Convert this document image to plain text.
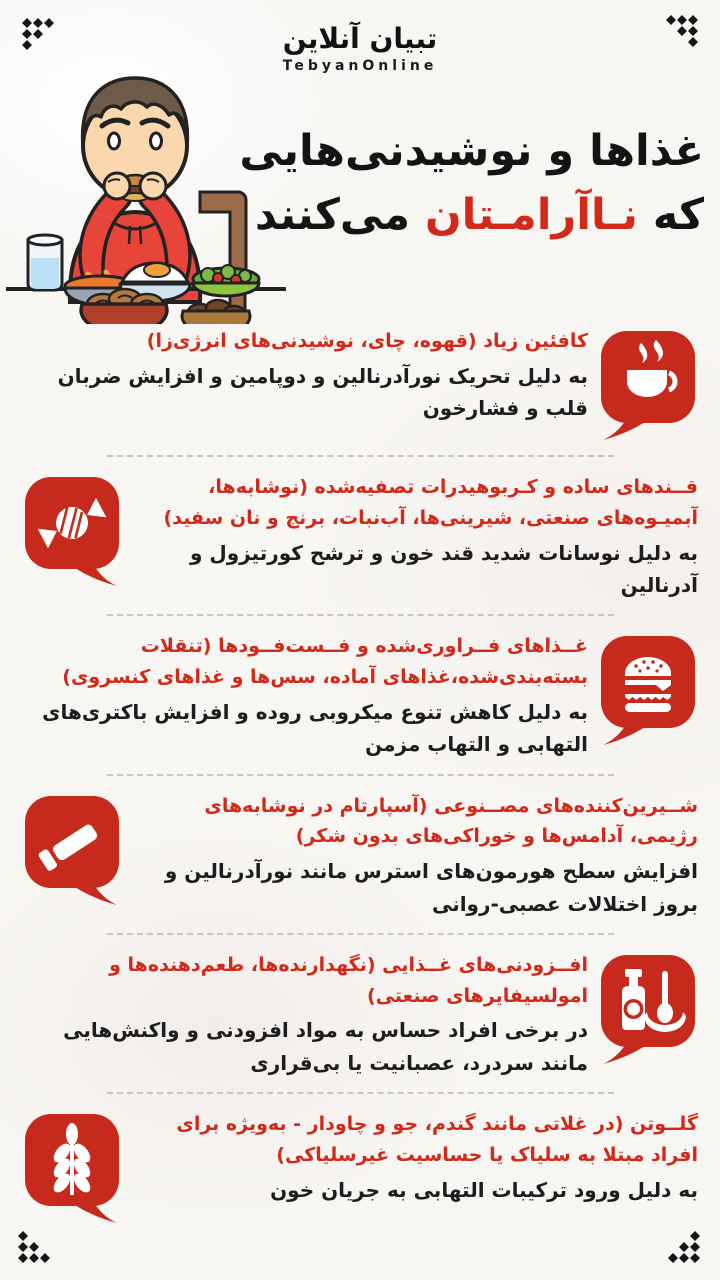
تبیان آنلاین
TebyanOnline
غذاها و نوشیدنی‌هایی
که نـاآرامـتان می‌کنند
کافئین زیاد (قهوه، چای، نوشیدنی‌های انرژی‌زا)

به دلیل تحریک نورآدرنالین و دوپامین و افزایش ضربان قلب و فشارخون

قــندهای ساده و کـربوهیدرات تصفیه‌شده (نوشابه‌ها، آبمیـوه‌های صنعتی، شیرینی‌ها، آب‌نبات، برنج و نان سفید)

به دلیل نوسانات شدید قند خون و ترشح کورتیزول و آدرنالین

غــذاهای فــراوری‌شده و فــست‌فــودها (تنقلات بسته‌بندی‌شده،غذاهای آماده، سس‌ها و غذاهای کنسروی)

به دلیل کاهش تنوع میکروبی روده و افزایش باکتری‌های التهابی و التهاب مزمن

شــیرین‌کننده‌های مصــنوعی (آسپارتام در نوشابه‌های رژیمی، آدامس‌ها و خوراکی‌های بدون شکر)

افزایش سطح هورمون‌های استرس مانند نورآدرنالین و بروز اختلالات عصبی-روانی

افــزودنی‌های غــذایی (نگهدارنده‌ها، طعم‌دهنده‌ها و امولسیفایرهای صنعتی)

در برخی افراد حساس به مواد افزودنی و واکنش‌هایی مانند سردرد، عصبانیت یا بی‌قراری

گلــوتن (در غلاتی مانند گندم، جو و چاودار - به‌ویژه برای افراد مبتلا به سلیاک یا حساسیت غیرسلیاکی)

به دلیل ورود ترکیبات التهابی به جریان خون
